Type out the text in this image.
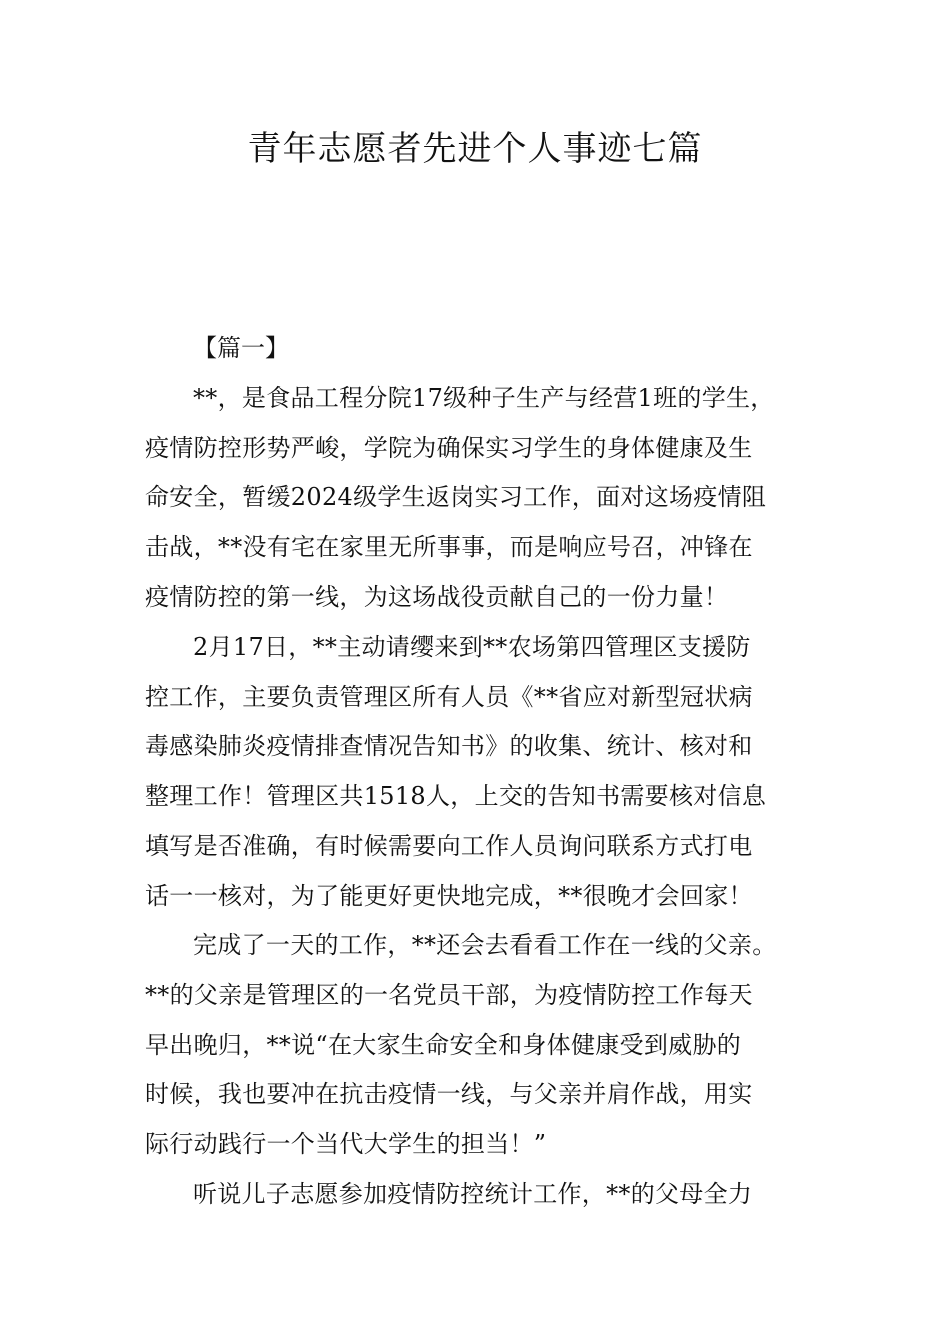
青年志愿者先进个人事迹七篇
【篇一】
**，是食品工程分院17级种子生产与经营1班的学生，
疫情防控形势严峻，学院为确保实习学生的身体健康及生
命安全，暂缓2024级学生返岗实习工作，面对这场疫情阻
击战，**没有宅在家里无所事事，而是响应号召，冲锋在
疫情防控的第一线，为这场战役贡献自己的一份力量！
2月17日，**主动请缨来到**农场第四管理区支援防
控工作，主要负责管理区所有人员《**省应对新型冠状病
毒感染肺炎疫情排查情况告知书》的收集、统计、核对和
整理工作！管理区共1518人，上交的告知书需要核对信息
填写是否准确，有时候需要向工作人员询问联系方式打电
话一一核对，为了能更好更快地完成，**很晚才会回家！
完成了一天的工作，**还会去看看工作在一线的父亲。
**的父亲是管理区的一名党员干部，为疫情防控工作每天
早出晚归，**说“在大家生命安全和身体健康受到威胁的
时候，我也要冲在抗击疫情一线，与父亲并肩作战，用实
际行动践行一个当代大学生的担当！”
听说儿子志愿参加疫情防控统计工作，**的父母全力
